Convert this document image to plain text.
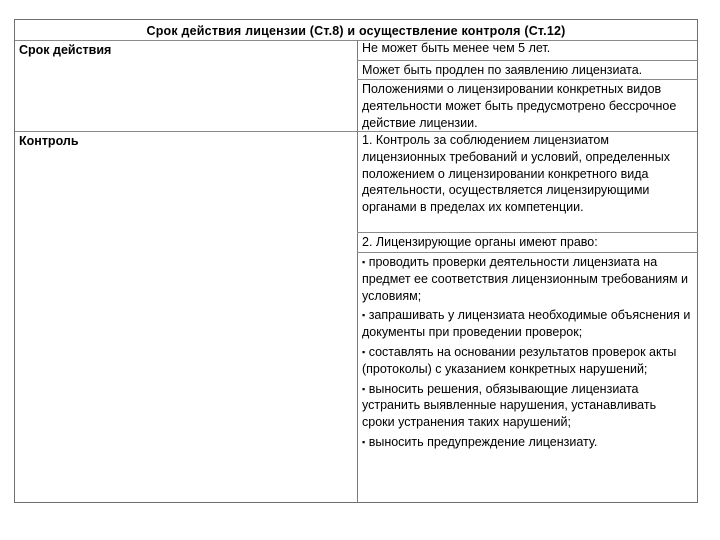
Срок действия лицензии (Ст.8) и осуществление контроля (Ст.12)
Срок действия	Не может быть менее чем 5 лет.

Может быть продлен по заявлению лицензиата.

Положениями о лицензировании конкретных видов деятельности может быть предусмотрено бессрочное действие лицензии.

Контроль	1. Контроль за соблюдением лицензиатом лицензионных требований и условий, определенных положением о лицензировании конкретного вида деятельности, осуществляется лицензирующими органами в пределах их компетенции.

2. Лицензирующие органы имеют право:

▪ проводить проверки деятельности лицензиата на предмет ее соответствия лицензионным требованиям и условиям;
▪ запрашивать у лицензиата необходимые объяснения и документы при проведении проверок;
▪ составлять на основании результатов проверок акты (протоколы) с указанием конкретных нарушений;
▪ выносить решения, обязывающие лицензиата устранить выявленные нарушения, устанавливать сроки устранения таких нарушений;
▪ выносить предупреждение лицензиату.
